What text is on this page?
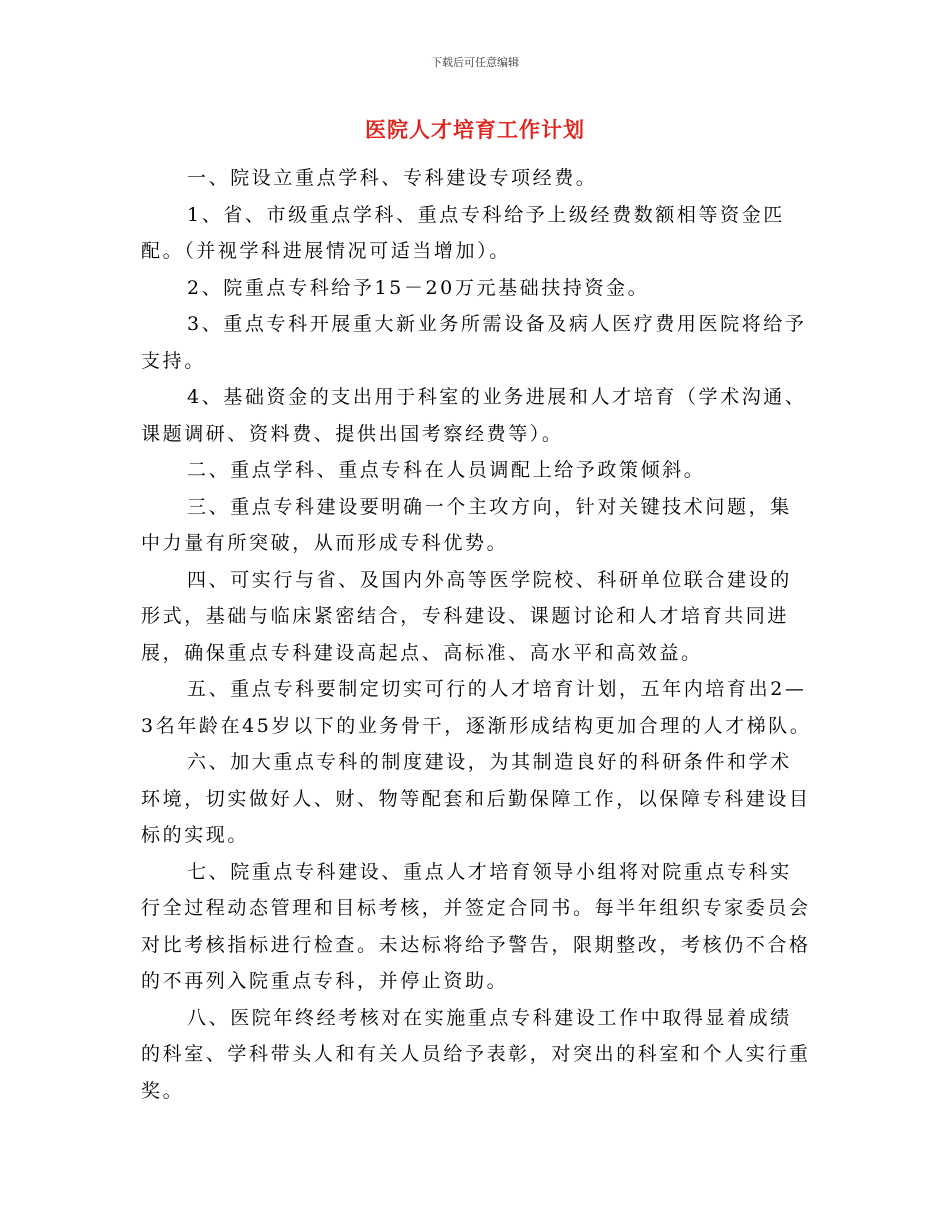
下载后可任意编辑
医院人才培育工作计划

一、院设立重点学科、专科建设专项经费。

1、省、市级重点学科、重点专科给予上级经费数额相等资金匹配。（并视学科进展情况可适当增加）。

2、院重点专科给予15－20万元基础扶持资金。

3、重点专科开展重大新业务所需设备及病人医疗费用医院将给予支持。

4、基础资金的支出用于科室的业务进展和人才培育（学术沟通、课题调研、资料费、提供出国考察经费等）。

二、重点学科、重点专科在人员调配上给予政策倾斜。

三、重点专科建设要明确一个主攻方向，针对关键技术问题，集中力量有所突破，从而形成专科优势。

四、可实行与省、及国内外高等医学院校、科研单位联合建设的形式，基础与临床紧密结合，专科建设、课题讨论和人才培育共同进展，确保重点专科建设高起点、高标准、高水平和高效益。

五、重点专科要制定切实可行的人才培育计划，五年内培育出2—3名年龄在45岁以下的业务骨干，逐渐形成结构更加合理的人才梯队。

六、加大重点专科的制度建设，为其制造良好的科研条件和学术环境，切实做好人、财、物等配套和后勤保障工作，以保障专科建设目标的实现。

七、院重点专科建设、重点人才培育领导小组将对院重点专科实行全过程动态管理和目标考核，并签定合同书。每半年组织专家委员会对比考核指标进行检查。未达标将给予警告，限期整改，考核仍不合格的不再列入院重点专科，并停止资助。

八、医院年终经考核对在实施重点专科建设工作中取得显着成绩的科室、学科带头人和有关人员给予表彰，对突出的科室和个人实行重奖。
